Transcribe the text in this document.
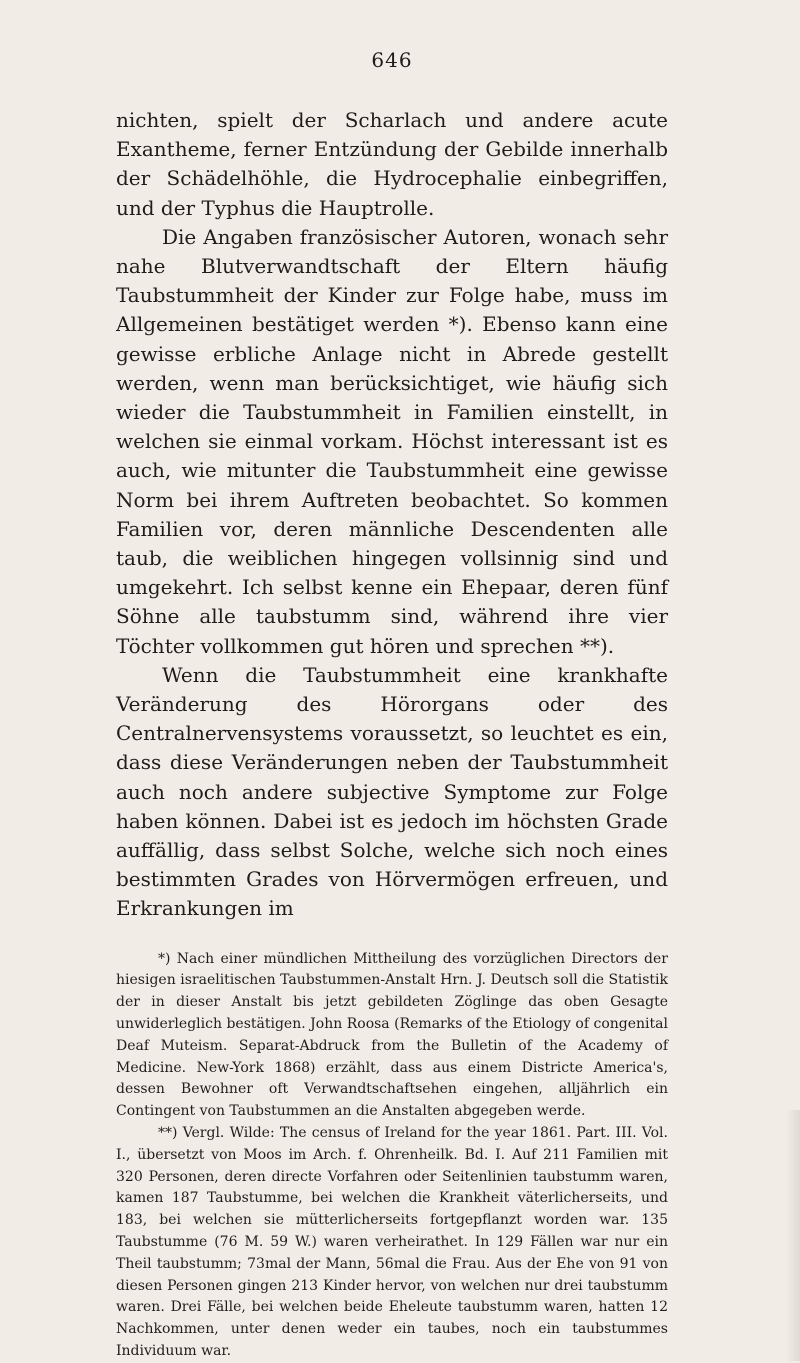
646

nichten, spielt der Scharlach und andere acute Exantheme, ferner Entzündung der Gebilde innerhalb der Schädelhöhle, die Hydrocephalie einbegriffen, und der Typhus die Hauptrolle.

Die Angaben französischer Autoren, wonach sehr nahe Blutverwandtschaft der Eltern häufig Taubstummheit der Kinder zur Folge habe, muss im Allgemeinen bestätiget werden *). Ebenso kann eine gewisse erbliche Anlage nicht in Abrede gestellt werden, wenn man berücksichtiget, wie häufig sich wieder die Taubstummheit in Familien einstellt, in welchen sie einmal vorkam. Höchst interessant ist es auch, wie mitunter die Taubstummheit eine gewisse Norm bei ihrem Auftreten beobachtet. So kommen Familien vor, deren männliche Descendenten alle taub, die weiblichen hingegen vollsinnig sind und umgekehrt. Ich selbst kenne ein Ehepaar, deren fünf Söhne alle taubstumm sind, während ihre vier Töchter vollkommen gut hören und sprechen **).

Wenn die Taubstummheit eine krankhafte Veränderung des Hörorgans oder des Centralnervensystems voraussetzt, so leuchtet es ein, dass diese Veränderungen neben der Taubstummheit auch noch andere subjective Symptome zur Folge haben können. Dabei ist es jedoch im höchsten Grade auffällig, dass selbst Solche, welche sich noch eines bestimmten Grades von Hörvermögen erfreuen, und Erkrankungen im

*) Nach einer mündlichen Mittheilung des vorzüglichen Directors der hiesigen israelitischen Taubstummen-Anstalt Hrn. J. Deutsch soll die Statistik der in dieser Anstalt bis jetzt gebildeten Zöglinge das oben Gesagte unwiderleglich bestätigen. John Roosa (Remarks of the Etiology of congenital Deaf Muteism. Separat-Abdruck from the Bulletin of the Academy of Medicine. New-York 1868) erzählt, dass aus einem Districte America's, dessen Bewohner oft Verwandtschaftsehen eingehen, alljährlich ein Contingent von Taubstummen an die Anstalten abgegeben werde.

**) Vergl. Wilde: The census of Ireland for the year 1861. Part. III. Vol. I., übersetzt von Moos im Arch. f. Ohrenheilk. Bd. I. Auf 211 Familien mit 320 Personen, deren directe Vorfahren oder Seitenlinien taubstumm waren, kamen 187 Taubstumme, bei welchen die Krankheit väterlicherseits, und 183, bei welchen sie mütterlicherseits fortgepflanzt worden war. 135 Taubstumme (76 M. 59 W.) waren verheirathet. In 129 Fällen war nur ein Theil taubstumm; 73mal der Mann, 56mal die Frau. Aus der Ehe von 91 von diesen Personen gingen 213 Kinder hervor, von welchen nur drei taubstumm waren. Drei Fälle, bei welchen beide Eheleute taubstumm waren, hatten 12 Nachkommen, unter denen weder ein taubes, noch ein taubstummes Individuum war.
